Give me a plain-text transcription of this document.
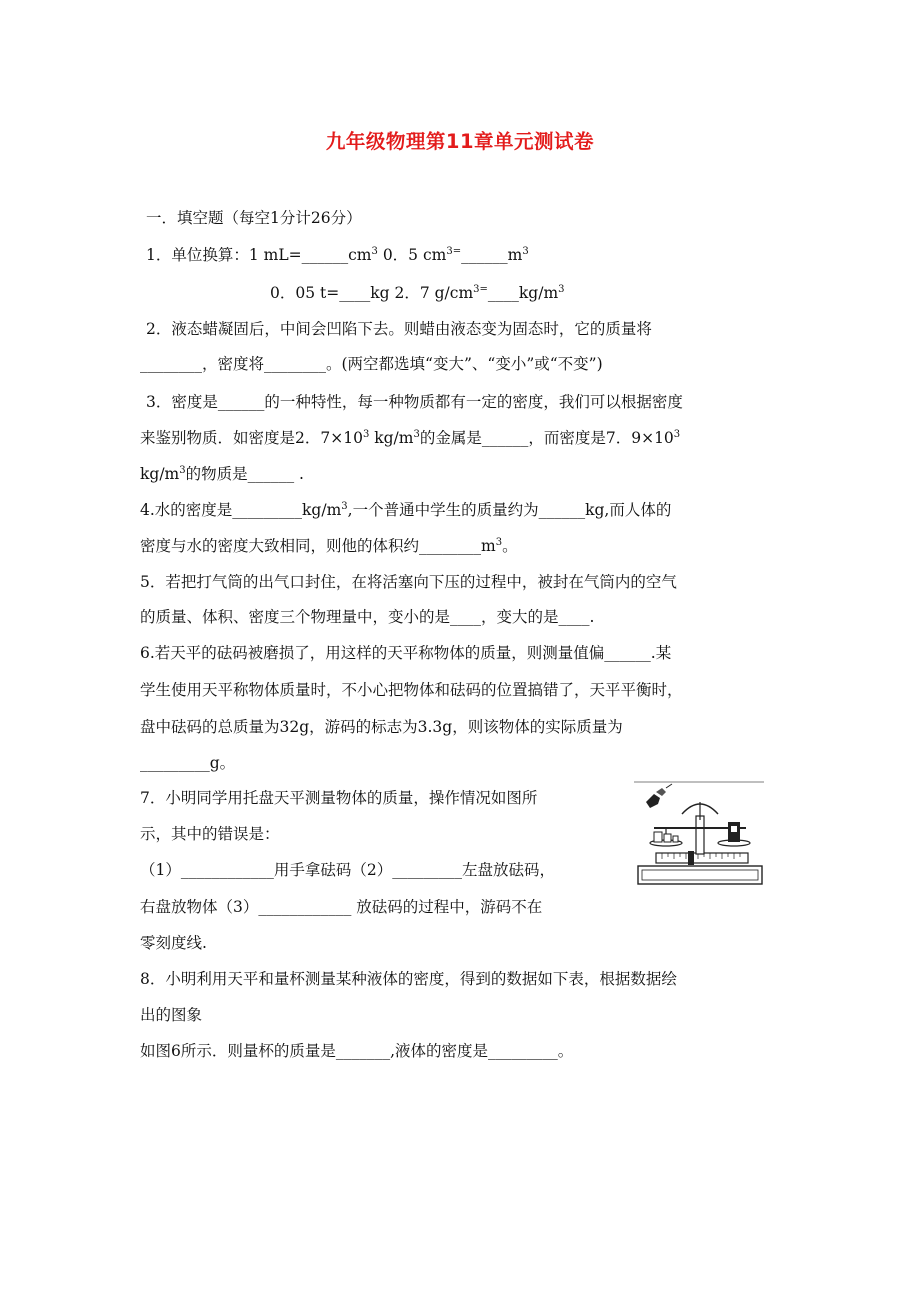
九年级物理第11章单元测试卷
一．填空题（每空1分计26分）
1．单位换算：1 $mL=\_\_\_\_\_\_cm^3$ 0．5 $cm^{3=}\_\_\_\_\_\_m^3$
0．05 t=____kg 2．7 $g/cm^{3=}\_\_\_\_kg/m^3$
2．液态蜡凝固后，中间会凹陷下去。则蜡由液态变为固态时，它的质量将
________，密度将________。(两空都选填“变大”、“变小”或“不变”)
3．密度是______的一种特性，每一种物质都有一定的密度，我们可以根据密度
来鉴别物质．如密度是2．$7\times 10^3$ $kg/m^3$的金属是______，而密度是7．$9\times 10^3$
$kg/m^3$的物质是______ .
4.水的密度是$\_\_\_\_\_\_\_\_\_kg/m^3$,一个普通中学生的质量约为______kg,而人体的
密度与水的密度大致相同，则他的体积约$\_\_\_\_\_\_\_\_m^3$。
5．若把打气筒的出气口封住，在将活塞向下压的过程中，被封在气筒内的空气
的质量、体积、密度三个物理量中，变小的是____，变大的是____.
6.若天平的砝码被磨损了，用这样的天平称物体的质量，则测量值偏______.某
学生使用天平称物体质量时，不小心把物体和砝码的位置搞错了，天平平衡时，
盘中砝码的总质量为32g，游码的标志为3.3g，则该物体的实际质量为
_________g。
7．小明同学用托盘天平测量物体的质量，操作情况如图所
示，其中的错误是：
（1）____________用手拿砝码（2）_________左盘放砝码，
右盘放物体（3）____________ 放砝码的过程中，游码不在
零刻度线.
8．小明利用天平和量杯测量某种液体的密度，得到的数据如下表，根据数据绘
出的图象
如图6所示．则量杯的质量是_______,液体的密度是_________。
